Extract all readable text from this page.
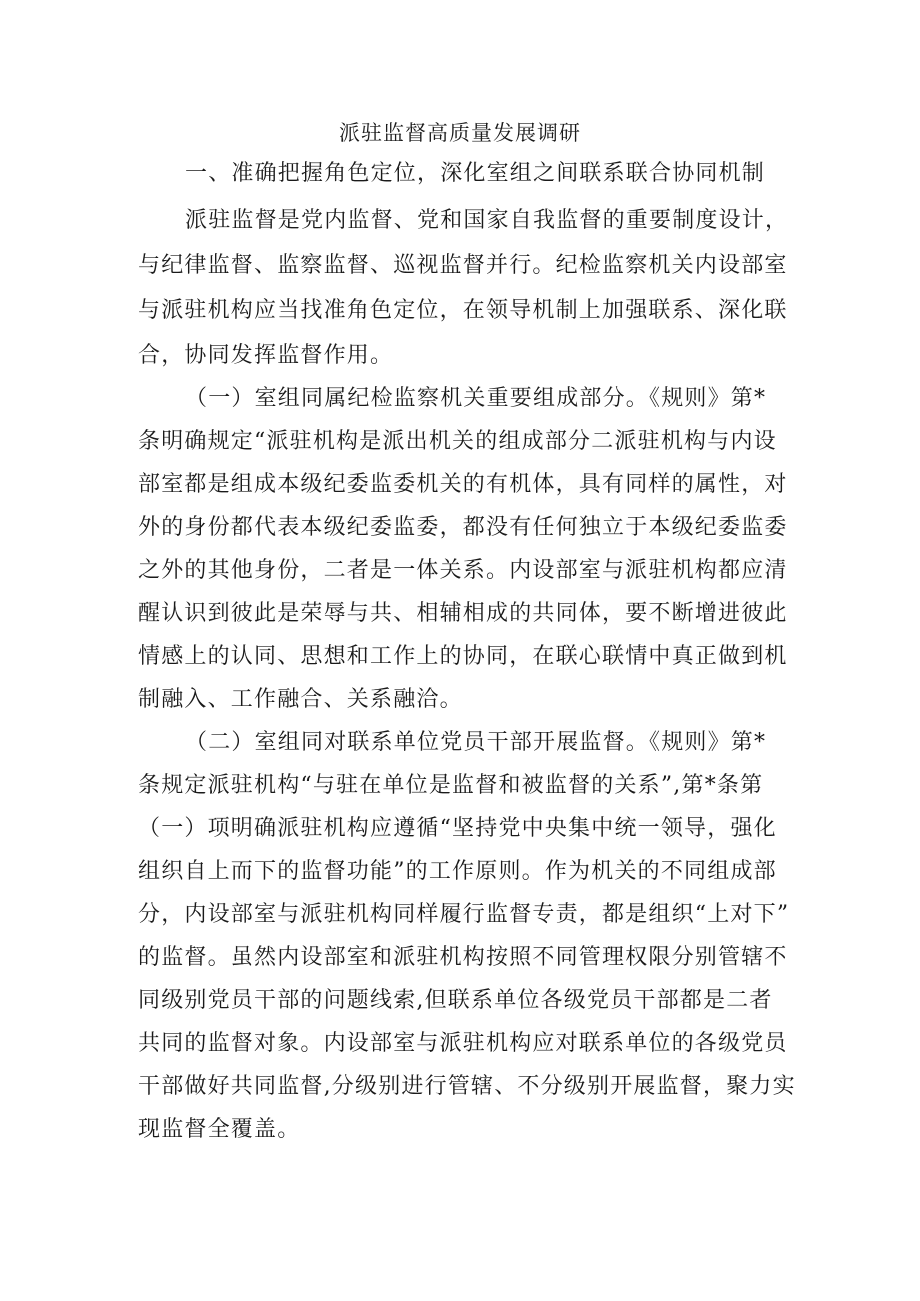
派驻监督高质量发展调研
一、准确把握角色定位，深化室组之间联系联合协同机制
派驻监督是党内监督、党和国家自我监督的重要制度设计，
与纪律监督、监察监督、巡视监督并行。纪检监察机关内设部室
与派驻机构应当找准角色定位，在领导机制上加强联系、深化联
合，协同发挥监督作用。
（一）室组同属纪检监察机关重要组成部分。《规则》第*
条明确规定“派驻机构是派出机关的组成部分二派驻机构与内设
部室都是组成本级纪委监委机关的有机体，具有同样的属性，对
外的身份都代表本级纪委监委，都没有任何独立于本级纪委监委
之外的其他身份，二者是一体关系。内设部室与派驻机构都应清
醒认识到彼此是荣辱与共、相辅相成的共同体，要不断增进彼此
情感上的认同、思想和工作上的协同，在联心联情中真正做到机
制融入、工作融合、关系融洽。
（二）室组同对联系单位党员干部开展监督。《规则》第*
条规定派驻机构“与驻在单位是监督和被监督的关系”,第*条第
（一）项明确派驻机构应遵循“坚持党中央集中统一领导，强化
组织自上而下的监督功能”的工作原则。作为机关的不同组成部
分，内设部室与派驻机构同样履行监督专责，都是组织“上对下”
的监督。虽然内设部室和派驻机构按照不同管理权限分别管辖不
同级别党员干部的问题线索,但联系单位各级党员干部都是二者
共同的监督对象。内设部室与派驻机构应对联系单位的各级党员
干部做好共同监督,分级别进行管辖、不分级别开展监督，聚力实
现监督全覆盖。
